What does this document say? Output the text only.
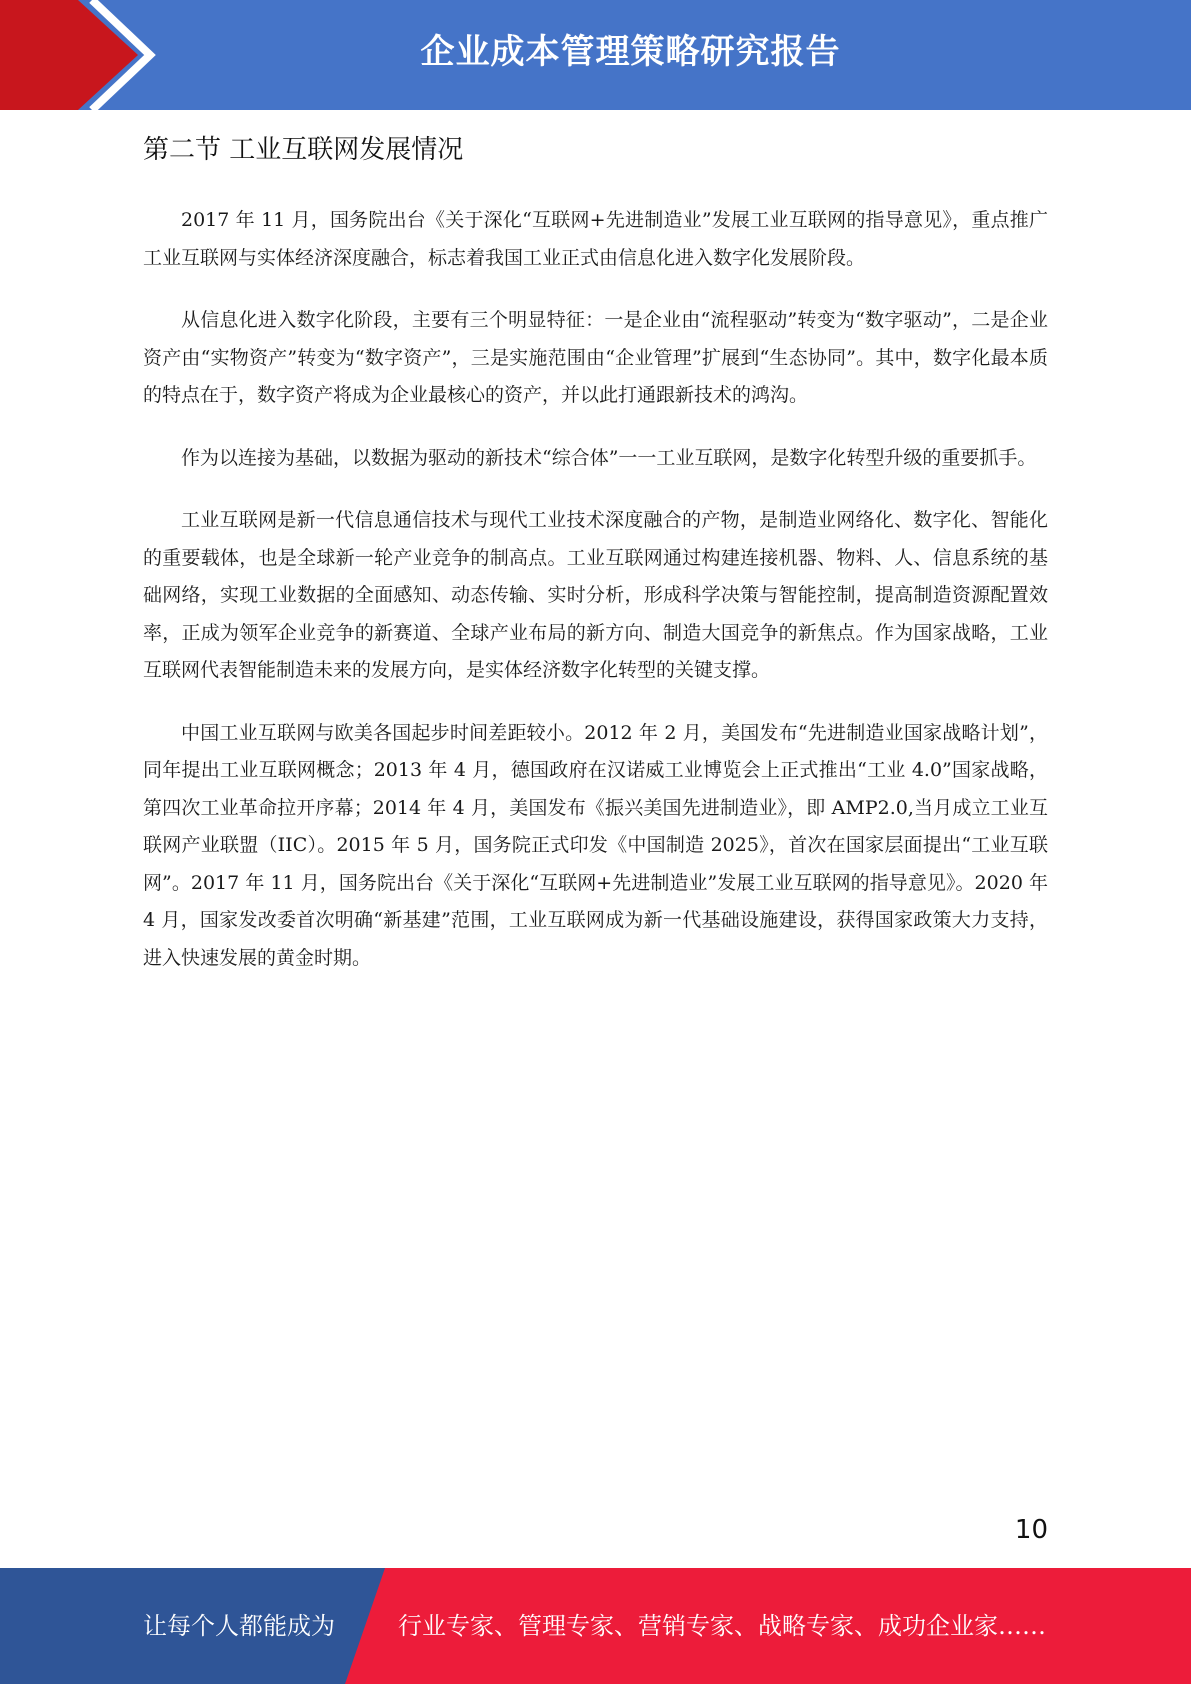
企业成本管理策略研究报告
第二节 工业互联网发展情况

2017 年 11 月，国务院出台《关于深化“互联网+先进制造业”发展工业互联网的指导意见》，重点推广工业互联网与实体经济深度融合，标志着我国工业正式由信息化进入数字化发展阶段。

从信息化进入数字化阶段，主要有三个明显特征：一是企业由“流程驱动”转变为“数字驱动”，二是企业资产由“实物资产”转变为“数字资产”，三是实施范围由“企业管理”扩展到“生态协同”。其中，数字化最本质的特点在于，数字资产将成为企业最核心的资产，并以此打通跟新技术的鸿沟。

作为以连接为基础，以数据为驱动的新技术“综合体”一一工业互联网，是数字化转型升级的重要抓手。

工业互联网是新一代信息通信技术与现代工业技术深度融合的产物，是制造业网络化、数字化、智能化的重要载体，也是全球新一轮产业竞争的制高点。工业互联网通过构建连接机器、物料、人、信息系统的基础网络，实现工业数据的全面感知、动态传输、实时分析，形成科学决策与智能控制，提高制造资源配置效率，正成为领军企业竞争的新赛道、全球产业布局的新方向、制造大国竞争的新焦点。作为国家战略，工业互联网代表智能制造未来的发展方向，是实体经济数字化转型的关键支撑。

中国工业互联网与欧美各国起步时间差距较小。2012 年 2 月，美国发布“先进制造业国家战略计划”，同年提出工业互联网概念；2013 年 4 月，德国政府在汉诺威工业博览会上正式推出“工业 4.0”国家战略，第四次工业革命拉开序幕；2014 年 4 月，美国发布《振兴美国先进制造业》，即 AMP2.0,当月成立工业互联网产业联盟（IIC）。2015 年 5 月，国务院正式印发《中国制造 2025》，首次在国家层面提出“工业互联网”。2017 年 11 月，国务院出台《关于深化“互联网+先进制造业”发展工业互联网的指导意见》。2020 年 4 月，国家发改委首次明确“新基建”范围，工业互联网成为新一代基础设施建设，获得国家政策大力支持，进入快速发展的黄金时期。

10
让每个人都能成为	行业专家、管理专家、营销专家、战略专家、成功企业家……
